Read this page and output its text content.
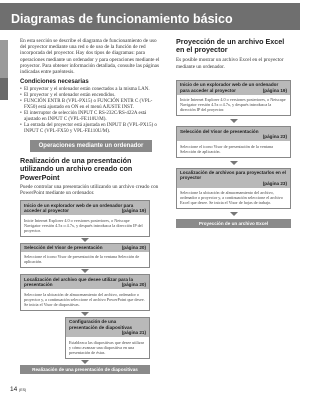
Diagramas de funcionamiento básico

En esta sección se describe el diagrama de funcionamiento de uso del proyector mediante una red o de uso de la función de red incorporada del proyector. Hay dos tipos de diagramas: para operaciones mediante un ordenador y para operaciones mediante el proyector. Para obtener información detallada, consulte las páginas indicadas entre paréntesis.

Condiciones necesarias
• El proyector y el ordenador están conectados a la misma LAN.
• El proyector y el ordenador están encendidos.
• FUNCIÓN ENTR B (VPL-PX15) o FUNCIÓN ENTR C (VPL-FX50) está ajustado en ON en el menú AJUSTE INST.
• El interruptor de selección INPUT C RS-232C/RS-422A está ajustado en INPUT C (VPL-FE110U/M).
• La entrada del proyector está ajustada en INPUT B (VPL-PX15) o INPUT C (VPL-FX50 y VPL-FE110U/M).
Operaciones mediante un ordenador
Realización de una presentación utilizando un archivo creado con PowerPoint

Puede controlar una presentación utilizando un archivo creado con PowerPoint mediante un ordenador.

Inicio de un explorador web de un ordenador para acceder al proyector	(página 19)
Inicie Internet Explorer 4.0 o versiones posteriores, o Netscape Navigator versión 4.5x o 4.7x, y después introduzca la dirección IP del proyector.
Selección del Visor de presentación	(página 20)
Seleccione el icono Visor de presentación de la ventana Selección de aplicación.
Localización del archivo que desee utilizar para la presentación	(página 20)
Seleccione la ubicación de almacenamiento del archivo, ordenador o proyector y, a continuación seleccione el archivo PowerPoint que desee. Se inicia el Visor de diapositivas.
Configuración de una presentación de diapositivas
(página 21)
Establezca las diapositivas que desee utilizar y cómo avanzar una diapositiva en una presentación de éstas.
Realización de una presentación de diapositivas
Proyección de un archivo Excel en el proyector

Es posible mostrar un archivo Excel en el proyector mediante un ordenador.

Inicio de un explorador web de un ordenador para acceder al proyector	(página 19)
Inicie Internet Explorer 4.0 o versiones posteriores, o Netscape Navigator versión 4.5x o 4.7x, y después introduzca la dirección IP del proyector.
Selección del Visor de presentación
(página 23)
Seleccione el icono Visor de presentación de la ventana Selección de aplicación.
Localización de archivos para proyectarlos en el proyector
(página 23)
Seleccione la ubicación de almacenamiento del archivo, ordenador o proyector y, a continuación seleccione el archivo Excel que desee. Se inicia el Visor de hojas de trabajo.
Proyección de un archivo Excel
14 (ES)
